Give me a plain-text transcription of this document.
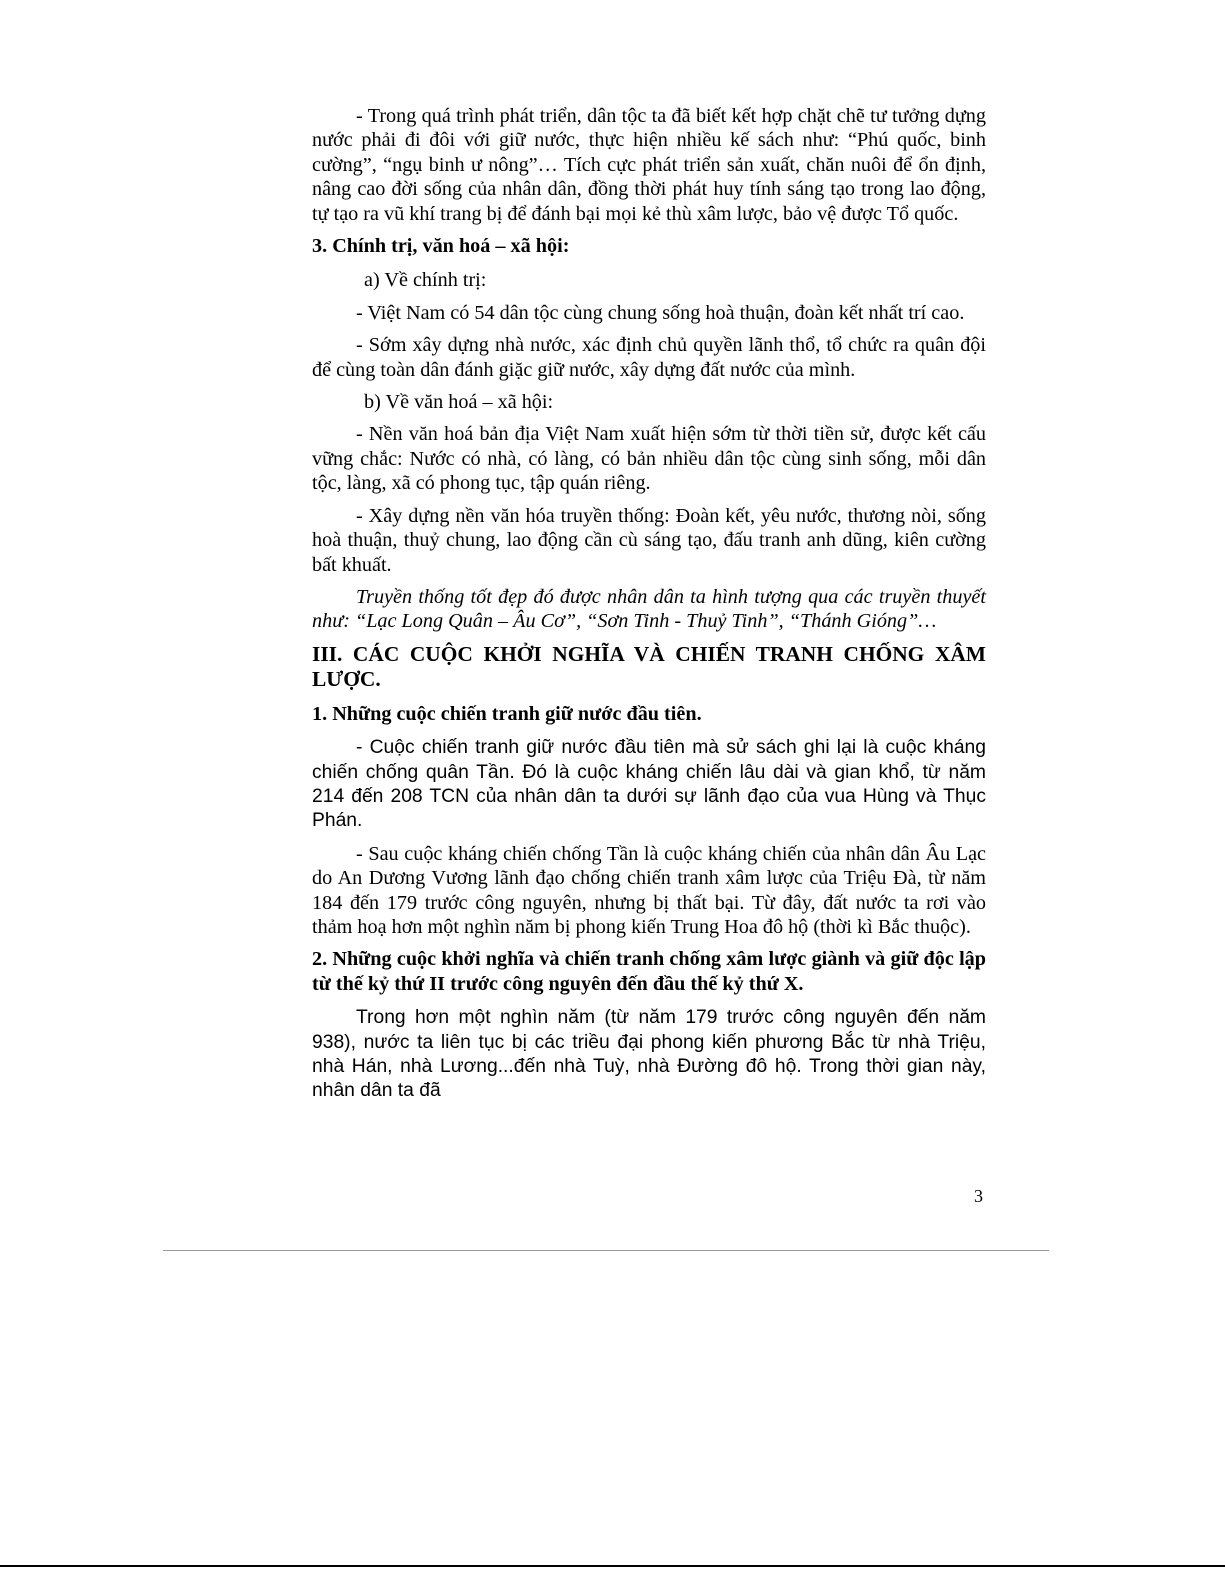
- Trong quá trình phát triển, dân tộc ta đã biết kết hợp chặt chẽ tư tưởng dựng nước phải đi đôi với giữ nước, thực hiện nhiều kế sách như: “Phú quốc, binh cường”, “ngụ binh ư nông”… Tích cực phát triển sản xuất, chăn nuôi để ổn định, nâng cao đời sống của nhân dân, đồng thời phát huy tính sáng tạo trong lao động, tự tạo ra vũ khí trang bị để đánh bại mọi kẻ thù xâm lược, bảo vệ được Tổ quốc.

3. Chính trị, văn hoá – xã hội:

a) Về chính trị:

- Việt Nam có 54 dân tộc cùng chung sống hoà thuận, đoàn kết nhất trí cao.

- Sớm xây dựng nhà nước, xác định chủ quyền lãnh thổ, tổ chức ra quân đội để cùng toàn dân đánh giặc giữ nước, xây dựng đất nước của mình.

b) Về văn hoá – xã hội:

- Nền văn hoá bản địa Việt Nam xuất hiện sớm từ thời tiền sử, được kết cấu vững chắc: Nước có nhà, có làng, có bản nhiều dân tộc cùng sinh sống, mỗi dân tộc, làng, xã có phong tục, tập quán riêng.

- Xây dựng nền văn hóa truyền thống: Đoàn kết, yêu nước, thương nòi, sống hoà thuận, thuỷ chung, lao động cần cù sáng tạo, đấu tranh anh dũng, kiên cường bất khuất.

Truyền thống tốt đẹp đó được nhân dân ta hình tượng qua các truyền thuyết như: “Lạc Long Quân – Âu Cơ”, “Sơn Tinh - Thuỷ Tinh”, “Thánh Gióng”…

III. CÁC CUỘC KHỞI NGHĨA VÀ CHIẾN TRANH CHỐNG XÂM LƯỢC.

1. Những cuộc chiến tranh giữ nước đầu tiên.

- Cuộc chiến tranh giữ nước đầu tiên mà sử sách ghi lại là cuộc kháng chiến chống quân Tần. Đó là cuộc kháng chiến lâu dài và gian khổ, từ năm 214 đến 208 TCN của nhân dân ta dưới sự lãnh đạo của vua Hùng và Thục Phán.

- Sau cuộc kháng chiến chống Tần là cuộc kháng chiến của nhân dân Âu Lạc do An Dương Vương lãnh đạo chống chiến tranh xâm lược của Triệu Đà, từ năm 184 đến 179 trước công nguyên, nhưng bị thất bại. Từ đây, đất nước ta rơi vào thảm hoạ hơn một nghìn năm bị phong kiến Trung Hoa đô hộ (thời kì Bắc thuộc).

2. Những cuộc khởi nghĩa và chiến tranh chống xâm lược giành và giữ độc lập từ thế kỷ thứ II trước công nguyên đến đầu thế kỷ thứ X.

Trong hơn một nghìn năm (từ năm 179 trước công nguyên đến năm 938), nước ta liên tục bị các triều đại phong kiến phương Bắc từ nhà Triệu, nhà Hán, nhà Lương...đến nhà Tuỳ, nhà Đường đô hộ. Trong thời gian này, nhân dân ta đã

3
